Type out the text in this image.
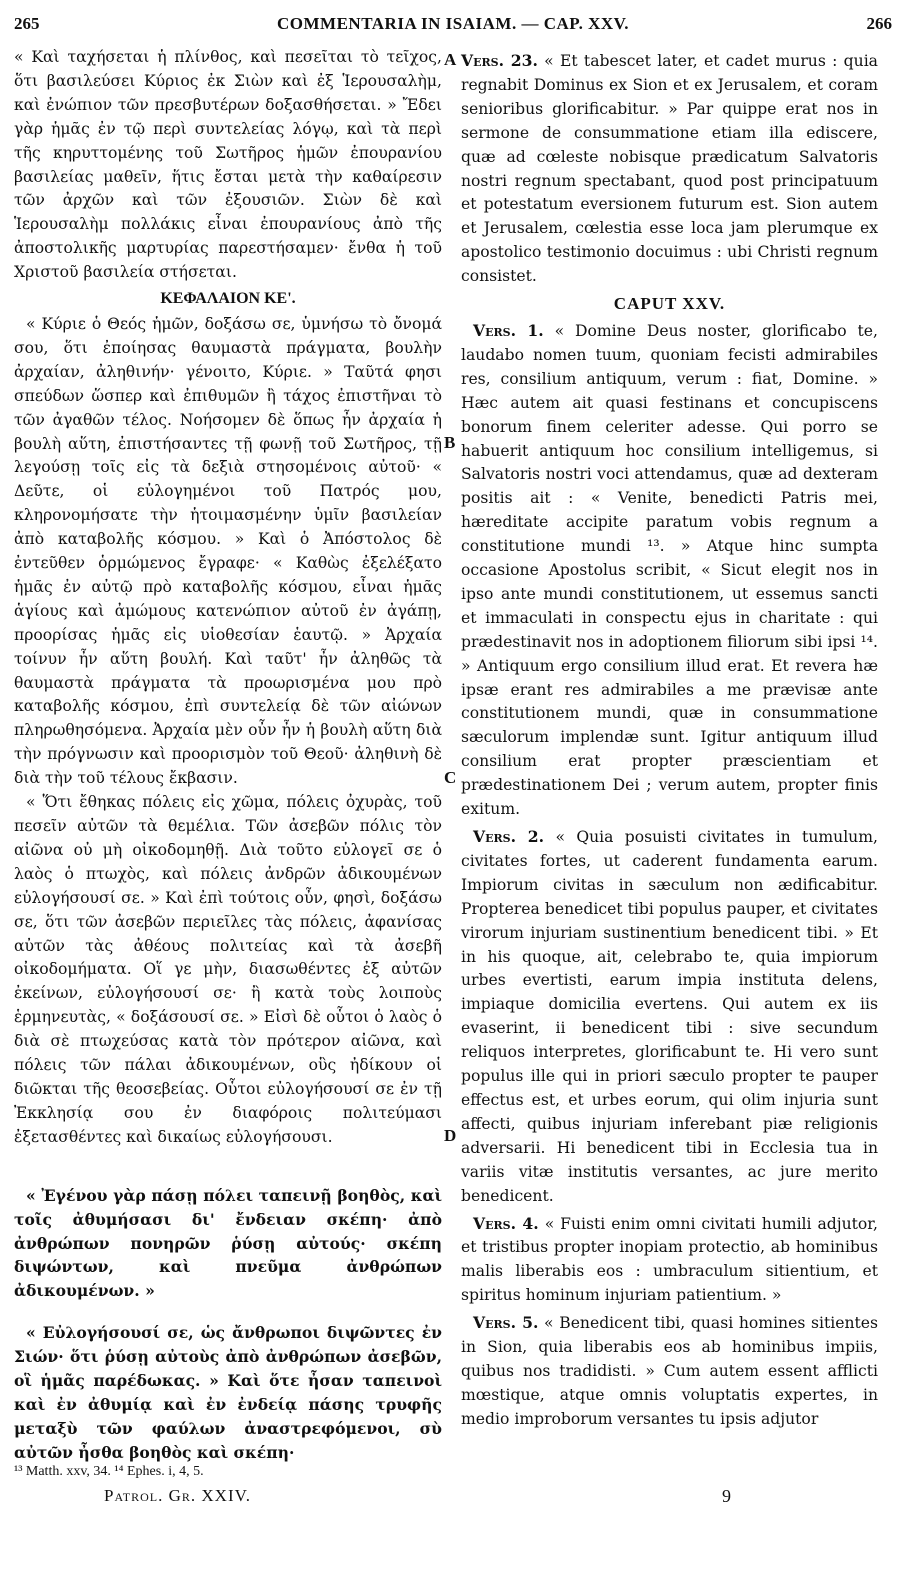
265	COMMENTARIA IN ISAIAM. — CAP. XXV.	266
A
B
C
D

« Καὶ ταχήσεται ἡ πλίνθος, καὶ πεσεῖται τὸ τεῖχος, ὅτι βασιλεύσει Κύριος ἐκ Σιὼν καὶ ἐξ Ἱερουσαλὴμ, καὶ ἐνώπιον τῶν πρεσβυτέρων δοξασθήσεται. » Ἔδει γὰρ ἡμᾶς ἐν τῷ περὶ συντελείας λόγῳ, καὶ τὰ περὶ τῆς κηρυττομένης τοῦ Σωτῆρος ἡμῶν ἐπουρανίου βασιλείας μαθεῖν, ἥτις ἔσται μετὰ τὴν καθαίρεσιν τῶν ἀρχῶν καὶ τῶν ἐξουσιῶν. Σιὼν δὲ καὶ Ἱερουσαλὴμ πολλάκις εἶναι ἐπουρανίους ἀπὸ τῆς ἀποστολικῆς μαρτυρίας παρεστήσαμεν· ἔνθα ἡ τοῦ Χριστοῦ βασιλεία στήσεται.

ΚΕΦΑΛΑΙΟΝ ΚΕ'.

« Κύριε ὁ Θεός ἡμῶν, δοξάσω σε, ὑμνήσω τὸ ὄνομά σου, ὅτι ἐποίησας θαυμαστὰ πράγματα, βουλὴν ἀρχαίαν, ἀληθινήν· γένοιτο, Κύριε. » Ταῦτά φησι σπεύδων ὥσπερ καὶ ἐπιθυμῶν ἢ τάχος ἐπιστῆναι τὸ τῶν ἀγαθῶν τέλος. Νοήσομεν δὲ ὅπως ἦν ἀρχαία ἡ βουλὴ αὕτη, ἐπιστήσαντες τῇ φωνῇ τοῦ Σωτῆρος, τῇ λεγούσῃ τοῖς εἰς τὰ δεξιὰ στησομένοις αὐτοῦ· « Δεῦτε, οἱ εὐλογημένοι τοῦ Πατρός μου, κληρονομήσατε τὴν ἡτοιμασμένην ὑμῖν βασιλείαν ἀπὸ καταβολῆς κόσμου. » Καὶ ὁ Ἀπόστολος δὲ ἐντεῦθεν ὁρμώμενος ἔγραφε· « Καθὼς ἐξελέξατο ἡμᾶς ἐν αὐτῷ πρὸ καταβολῆς κόσμου, εἶναι ἡμᾶς ἁγίους καὶ ἀμώμους κατενώπιον αὐτοῦ ἐν ἀγάπῃ, προορίσας ἡμᾶς εἰς υἱοθεσίαν ἑαυτῷ. » Ἀρχαία τοίνυν ἦν αὕτη βουλή. Καὶ ταῦτ' ἦν ἀληθῶς τὰ θαυμαστὰ πράγματα τὰ προωρισμένα μου πρὸ καταβολῆς κόσμου, ἐπὶ συντελείᾳ δὲ τῶν αἰώνων πληρωθησόμενα. Ἀρχαία μὲν οὖν ἦν ἡ βουλὴ αὕτη διὰ τὴν πρόγνωσιν καὶ προορισμὸν τοῦ Θεοῦ· ἀληθινὴ δὲ διὰ τὴν τοῦ τέλους ἔκβασιν.

« Ὅτι ἔθηκας πόλεις εἰς χῶμα, πόλεις ὀχυρὰς, τοῦ πεσεῖν αὐτῶν τὰ θεμέλια. Τῶν ἀσεβῶν πόλις τὸν αἰῶνα οὐ μὴ οἰκοδομηθῇ. Διὰ τοῦτο εὐλογεῖ σε ὁ λαὸς ὁ πτωχὸς, καὶ πόλεις ἀνδρῶν ἀδικουμένων εὐλογήσουσί σε. » Καὶ ἐπὶ τούτοις οὖν, φησὶ, δοξάσω σε, ὅτι τῶν ἀσεβῶν περιεῖλες τὰς πόλεις, ἀφανίσας αὐτῶν τὰς ἀθέους πολιτείας καὶ τὰ ἀσεβῆ οἰκοδομήματα. Οἵ γε μὴν, διασωθέντες ἐξ αὐτῶν ἐκείνων, εὐλογήσουσί σε· ἢ κατὰ τοὺς λοιποὺς ἑρμηνευτὰς, « δοξάσουσί σε. » Εἰσὶ δὲ οὗτοι ὁ λαὸς ὁ διὰ σὲ πτωχεύσας κατὰ τὸν πρότερον αἰῶνα, καὶ πόλεις τῶν πάλαι ἀδικουμένων, οὓς ἠδίκουν οἱ διῶκται τῆς θεοσεβείας. Οὗτοι εὐλογήσουσί σε ἐν τῇ Ἐκκλησίᾳ σου ἐν διαφόροις πολιτεύμασι ἐξετασθέντες καὶ δικαίως εὐλογήσουσι.

« Ἐγένου γὰρ πάσῃ πόλει ταπεινῇ βοηθὸς, καὶ τοῖς ἀθυμήσασι δι' ἔνδειαν σκέπη· ἀπὸ ἀνθρώπων πονηρῶν ῥύσῃ αὐτούς· σκέπη διψώντων, καὶ πνεῦμα ἀνθρώπων ἀδικουμένων. »

« Εὐλογήσουσί σε, ὡς ἄνθρωποι διψῶντες ἐν Σιών· ὅτι ῥύσῃ αὐτοὺς ἀπὸ ἀνθρώπων ἀσεβῶν, οἳ ἡμᾶς παρέδωκας. » Καὶ ὅτε ἦσαν ταπεινοὶ καὶ ἐν ἀθυμίᾳ καὶ ἐν ἐνδείᾳ πάσης τρυφῆς μεταξὺ τῶν φαύλων ἀναστρεφόμενοι, σὺ αὐτῶν ἦσθα βοηθὸς καὶ σκέπη·

Vers. 23. « Et tabescet later, et cadet murus : quia regnabit Dominus ex Sion et ex Jerusalem, et coram senioribus glorificabitur. » Par quippe erat nos in sermone de consummatione etiam illa ediscere, quæ ad cœleste nobisque prædicatum Salvatoris nostri regnum spectabant, quod post principatuum et potestatum eversionem futurum est. Sion autem et Jerusalem, cœlestia esse loca jam plerumque ex apostolico testimonio docuimus : ubi Christi regnum consistet.

CAPUT XXV.

Vers. 1. « Domine Deus noster, glorificabo te, laudabo nomen tuum, quoniam fecisti admirabiles res, consilium antiquum, verum : fiat, Domine. » Hæc autem ait quasi festinans et concupiscens bonorum finem celeriter adesse. Qui porro se habuerit antiquum hoc consilium intelligemus, si Salvatoris nostri voci attendamus, quæ ad dexteram positis ait : « Venite, benedicti Patris mei, hæreditate accipite paratum vobis regnum a constitutione mundi ¹³. » Atque hinc sumpta occasione Apostolus scribit, « Sicut elegit nos in ipso ante mundi constitutionem, ut essemus sancti et immaculati in conspectu ejus in charitate : qui prædestinavit nos in adoptionem filiorum sibi ipsi ¹⁴. » Antiquum ergo consilium illud erat. Et revera hæ ipsæ erant res admirabiles a me prævisæ ante constitutionem mundi, quæ in consummatione sæculorum implendæ sunt. Igitur antiquum illud consilium erat propter præscientiam et prædestinationem Dei ; verum autem, propter finis exitum.

Vers. 2. « Quia posuisti civitates in tumulum, civitates fortes, ut caderent fundamenta earum. Impiorum civitas in sæculum non ædificabitur. Propterea benedicet tibi populus pauper, et civitates virorum injuriam sustinentium benedicent tibi. » Et in his quoque, ait, celebrabo te, quia impiorum urbes evertisti, earum impia instituta delens, impiaque domicilia evertens. Qui autem ex iis evaserint, ii benedicent tibi : sive secundum reliquos interpretes, glorificabunt te. Hi vero sunt populus ille qui in priori sæculo propter te pauper effectus est, et urbes eorum, qui olim injuria sunt affecti, quibus injuriam inferebant piæ religionis adversarii. Hi benedicent tibi in Ecclesia tua in variis vitæ institutis versantes, ac jure merito benedicent.

Vers. 4. « Fuisti enim omni civitati humili adjutor, et tristibus propter inopiam protectio, ab hominibus malis liberabis eos : umbraculum sitientium, et spiritus hominum injuriam patientium. »

Vers. 5. « Benedicent tibi, quasi homines sitientes in Sion, quia liberabis eos ab hominibus impiis, quibus nos tradidisti. » Cum autem essent afflicti mœstique, atque omnis voluptatis expertes, in medio improborum versantes tu ipsis adjutor

¹³ Matth. xxv, 34. ¹⁴ Ephes. i, 4, 5.
Patrol. Gr. XXIV.	9
